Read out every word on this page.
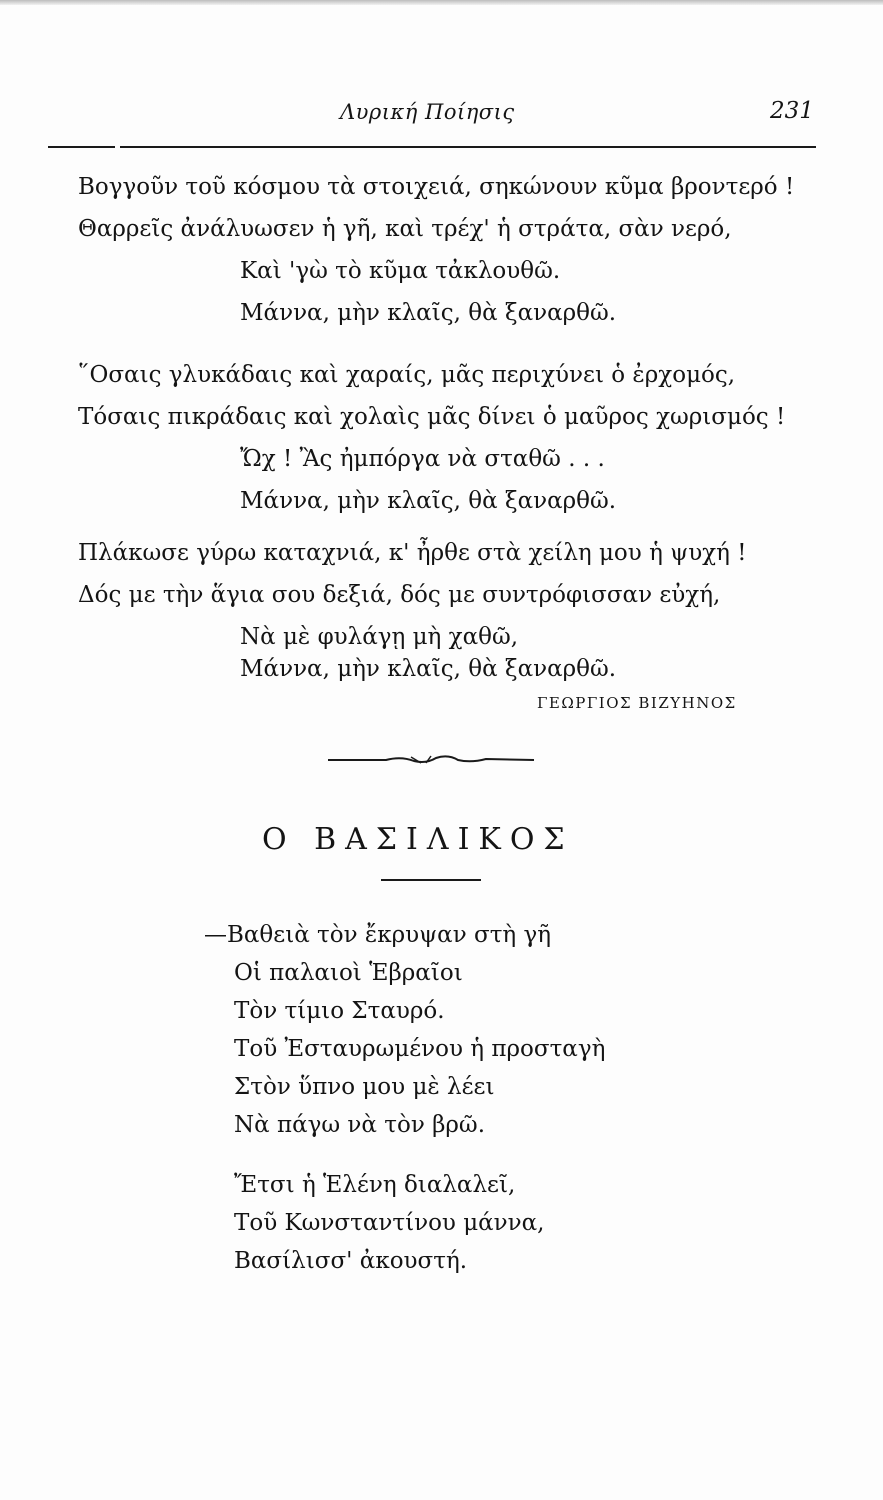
Λυρική Ποίησις	231
Βογγοῦν τοῦ κόσμου τὰ στοιχειά, σηκώνουν κῦμα βροντερό !
Θαρρεῖς ἀνάλυωσεν ἡ γῆ, καὶ τρέχ' ἡ στράτα, σὰν νερό,
Καὶ 'γὼ τὸ κῦμα τἀκλουθῶ.
Μάννα, μὴν κλαῖς, θὰ ξαναρθῶ.
῞Οσαις γλυκάδαις καὶ χαραίς, μᾶς περιχύνει ὁ ἐρχομός,
Τόσαις πικράδαις καὶ χολαὶς μᾶς δίνει ὁ μαῦρος χωρισμός !
Ὤχ ! Ἂς ἠμπόργα νὰ σταθῶ . . .
Μάννα, μὴν κλαῖς, θὰ ξαναρθῶ.
Πλάκωσε γύρω καταχνιά, κ' ἦρθε στὰ χείλη μου ἡ ψυχή !
Δός με τὴν ἅγια σου δεξιά, δός με συντρόφισσαν εὐχή,
Νὰ μὲ φυλάγῃ μὴ χαθῶ,
Μάννα, μὴν κλαῖς, θὰ ξαναρθῶ.
ΓΕΩΡΓΙΟΣ ΒΙΖΥΗΝΟΣ
Ο ΒΑΣΙΛΙΚΟΣ
—Βαθειὰ τὸν ἔκρυψαν στὴ γῆ
Οἱ παλαιοὶ Ἑβραῖοι
Τὸν τίμιο Σταυρό.
Τοῦ Ἐσταυρωμένου ἡ προσταγὴ
Στὸν ὕπνο μου μὲ λέει
Νὰ πάγω νὰ τὸν βρῶ.
Ἔτσι ἡ Ἑλένη διαλαλεῖ,
Τοῦ Κωνσταντίνου μάννα,
Βασίλισσ' ἀκουστή.
